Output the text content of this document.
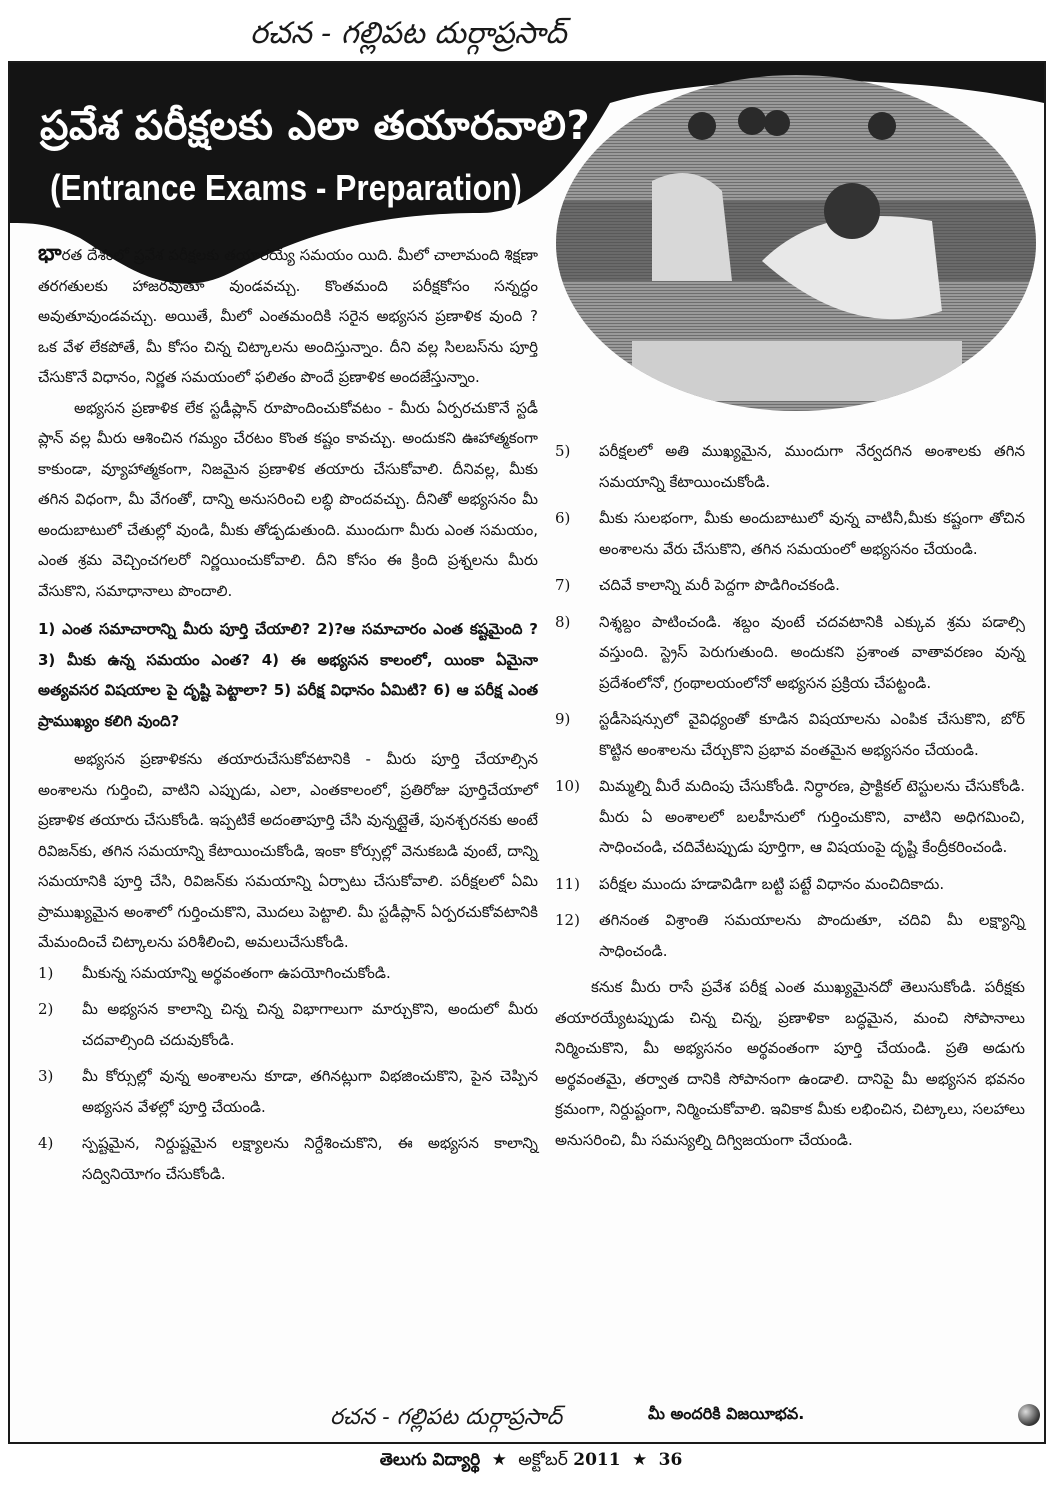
రచన - గల్లిపట దుర్గాప్రసాద్
ప్రవేశ పరీక్షలకు ఎలా తయారవాలి?
(Entrance Exams - Preparation)

భారత దేశంలో ప్రవేశ పరీక్షలకు తయారయ్యే సమయం యిది. మీలో చాలామంది శిక్షణా తరగతులకు హాజరవుతూ వుండవచ్చు. కొంతమంది పరీక్షకోసం సన్నద్ధం అవుతూవుండవచ్చు. అయితే, మీలో ఎంతమందికి సరైన అభ్యసన ప్రణాళిక వుంది ? ఒక వేళ లేకపోతే, మీ కోసం చిన్న చిట్కాలను అందిస్తున్నాం. దీని వల్ల సిలబస్‌ను పూర్తి చేసుకొనే విధానం, నిర్ణత సమయంలో ఫలితం పొందే ప్రణాళిక అందజేస్తున్నాం.

అభ్యసన ప్రణాళిక లేక స్టడీప్లాన్ రూపొందించుకోవటం - మీరు ఏర్పరచుకొనే స్టడీ ప్లాన్ వల్ల మీరు ఆశించిన గమ్యం చేరటం కొంత కష్టం కావచ్చు. అందుకని ఊహాత్మకంగా కాకుండా, వ్యూహాత్మకంగా, నిజమైన ప్రణాళిక తయారు చేసుకోవాలి. దీనివల్ల, మీకు తగిన విధంగా, మీ వేగంతో, దాన్ని అనుసరించి లబ్ధి పొందవచ్చు. దీనితో అభ్యసనం మీ అందుబాటులో చేతుల్లో వుండి, మీకు తోడ్పడుతుంది. ముందుగా మీరు ఎంత సమయం, ఎంత శ్రమ వెచ్చించగలరో నిర్ణయించుకోవాలి. దీని కోసం ఈ క్రింది ప్రశ్నలను మీరు వేసుకొని, సమాధానాలు పొందాలి.

1) ఎంత సమాచారాన్ని మీరు పూర్తి చేయాలి? 2)?ఆ సమాచారం ఎంత కష్టమైంది ? 3) మీకు ఉన్న సమయం ఎంత? 4) ఈ అభ్యసన కాలంలో, యింకా ఏమైనా అత్యవసర విషయాల పై దృష్టి పెట్టాలా? 5) పరీక్ష విధానం ఏమిటి? 6) ఆ పరీక్ష ఎంత ప్రాముఖ్యం కలిగి వుంది?

అభ్యసన ప్రణాళికను తయారుచేసుకోవటానికి - మీరు పూర్తి చేయాల్సిన అంశాలను గుర్తించి, వాటిని ఎప్పుడు, ఎలా, ఎంతకాలంలో, ప్రతిరోజు పూర్తిచేయాలో ప్రణాళిక తయారు చేసుకోండి. ఇప్పటికే అదంతాపూర్తి చేసి వున్నట్లైతే, పునశ్చరనకు అంటే రివిజన్‌కు, తగిన సమయాన్ని కేటాయించుకోండి, ఇంకా కోర్సుల్లో వెనుకబడి వుంటే, దాన్ని సమయానికి పూర్తి చేసి, రివిజన్‌కు సమయాన్ని ఏర్పాటు చేసుకోవాలి. పరీక్షలలో ఏమి ప్రాముఖ్యమైన అంశాలో గుర్తించుకొని, మొదలు పెట్టాలి. మీ స్టడీప్లాన్ ఏర్పరచుకోవటానికి మేమందించే చిట్కాలను పరిశీలించి, అమలుచేసుకోండి.

1)	మీకున్న సమయాన్ని అర్థవంతంగా ఉపయోగించుకోండి.
2)	మీ అభ్యసన కాలాన్ని చిన్న చిన్న విభాగాలుగా మార్చుకొని, అందులో మీరు చదవాల్సింది చదువుకోండి.
3)	మీ కోర్సుల్లో వున్న అంశాలను కూడా, తగినట్లుగా విభజించుకొని, పైన చెప్పిన అభ్యసన వేళల్లో పూర్తి చేయండి.
4)	స్పష్టమైన, నిర్దుష్టమైన లక్ష్యాలను నిర్దేశించుకొని, ఈ అభ్యసన కాలాన్ని సద్వినియోగం చేసుకోండి.
5)	పరీక్షలలో అతి ముఖ్యమైన, ముందుగా నేర్వదగిన అంశాలకు తగిన సమయాన్ని కేటాయించుకోండి.
6)	మీకు సులభంగా, మీకు అందుబాటులో వున్న వాటినీ,మీకు కష్టంగా తోచిన అంశాలను వేరు చేసుకొని, తగిన సమయంలో అభ్యసనం చేయండి.
7)	చదివే కాలాన్ని మరీ పెద్దగా పొడిగించకండి.
8)	నిశ్శబ్దం పాటించండి. శబ్దం వుంటే చదవటానికి ఎక్కువ శ్రమ పడాల్సి వస్తుంది. స్ట్రెస్ పెరుగుతుంది. అందుకని ప్రశాంత వాతావరణం వున్న ప్రదేశంలోనో, గ్రంథాలయంలోనో అభ్యసన ప్రక్రియ చేపట్టండి.
9)	స్టడీసెషన్సులో వైవిధ్యంతో కూడిన విషయాలను ఎంపిక చేసుకొని, బోర్ కొట్టిన అంశాలను చేర్చుకొని ప్రభావ వంతమైన అభ్యసనం చేయండి.
10)	మిమ్మల్ని మీరే మదింపు చేసుకోండి. నిర్ధారణ, ప్రాక్టికల్ టెస్టులను చేసుకోండి. మీరు ఏ అంశాలలో బలహీనులో గుర్తించుకొని, వాటిని అధిగమించి, సాధించండి, చదివేటప్పుడు పూర్తిగా, ఆ విషయంపై దృష్టి కేంద్రీకరించండి.
11)	పరీక్షల ముందు హడావిడిగా బట్టి పట్టే విధానం మంచిదికాదు.
12)	తగినంత విశ్రాంతి సమయాలను పొందుతూ, చదివి మీ లక్ష్యాన్ని సాధించండి.

కనుక మీరు రాసే ప్రవేశ పరీక్ష ఎంత ముఖ్యమైనదో తెలుసుకోండి. పరీక్షకు తయారయ్యేటప్పుడు చిన్న చిన్న, ప్రణాళికా బద్ధమైన, మంచి సోపానాలు నిర్మించుకొని, మీ అభ్యసనం అర్థవంతంగా పూర్తి చేయండి. ప్రతి అడుగు అర్థవంతమై, తర్వాత దానికి సోపానంగా ఉండాలి. దానిపై మీ అభ్యసన భవనం క్రమంగా, నిర్దుష్టంగా, నిర్మించుకోవాలి. ఇవికాక మీకు లభించిన, చిట్కాలు, సలహాలు అనుసరించి, మీ సమస్యల్ని దిగ్విజయంగా చేయండి.

రచన - గల్లిపట దుర్గాప్రసాద్	మీ అందరికి విజయీభవ.
తెలుగు విద్యార్థి ★ అక్టోబర్ 2011 ★ 36
